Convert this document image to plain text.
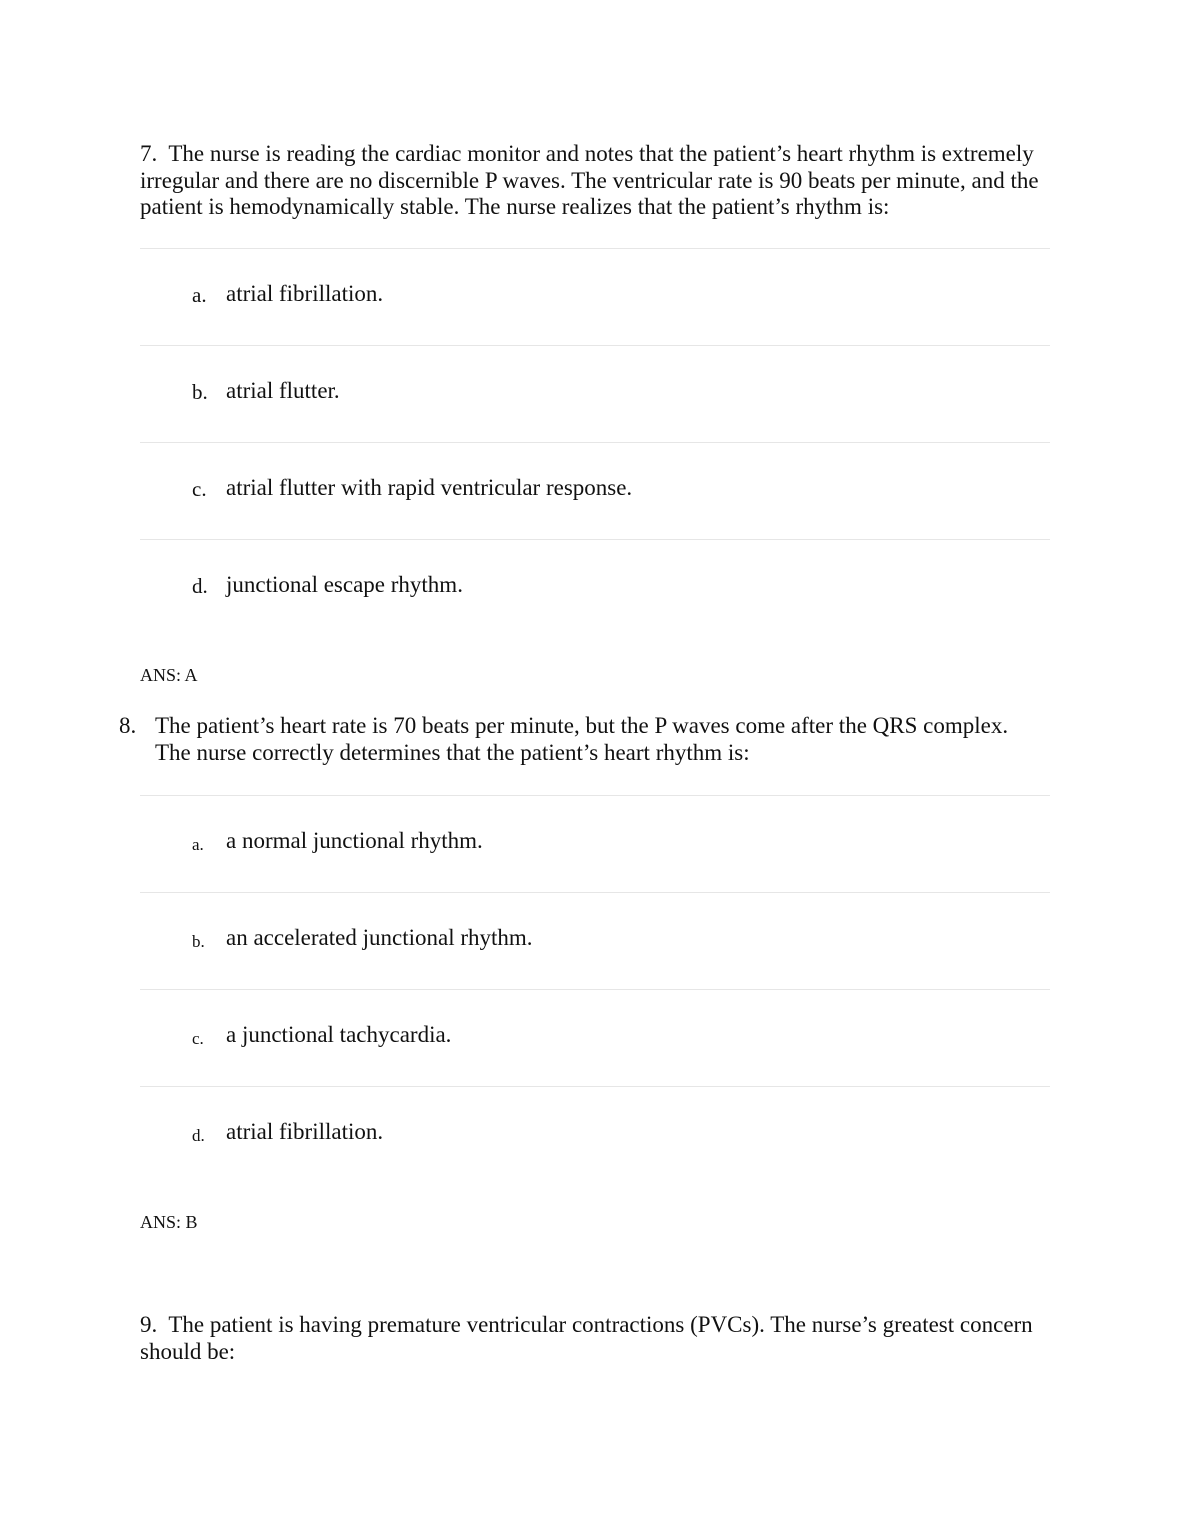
7. The nurse is reading the cardiac monitor and notes that the patient’s heart rhythm is extremely irregular and there are no discernible P waves. The ventricular rate is 90 beats per minute, and the patient is hemodynamically stable. The nurse realizes that the patient’s rhythm is:

a. atrial fibrillation.
b. atrial flutter.
c. atrial flutter with rapid ventricular response.
d. junctional escape rhythm.
ANS: A
8. The patient’s heart rate is 70 beats per minute, but the P waves come after the QRS complex. The nurse correctly determines that the patient’s heart rhythm is:
a. a normal junctional rhythm.
b. an accelerated junctional rhythm.
c. a junctional tachycardia.
d. atrial fibrillation.
ANS: B

9. The patient is having premature ventricular contractions (PVCs). The nurse’s greatest concern should be:
